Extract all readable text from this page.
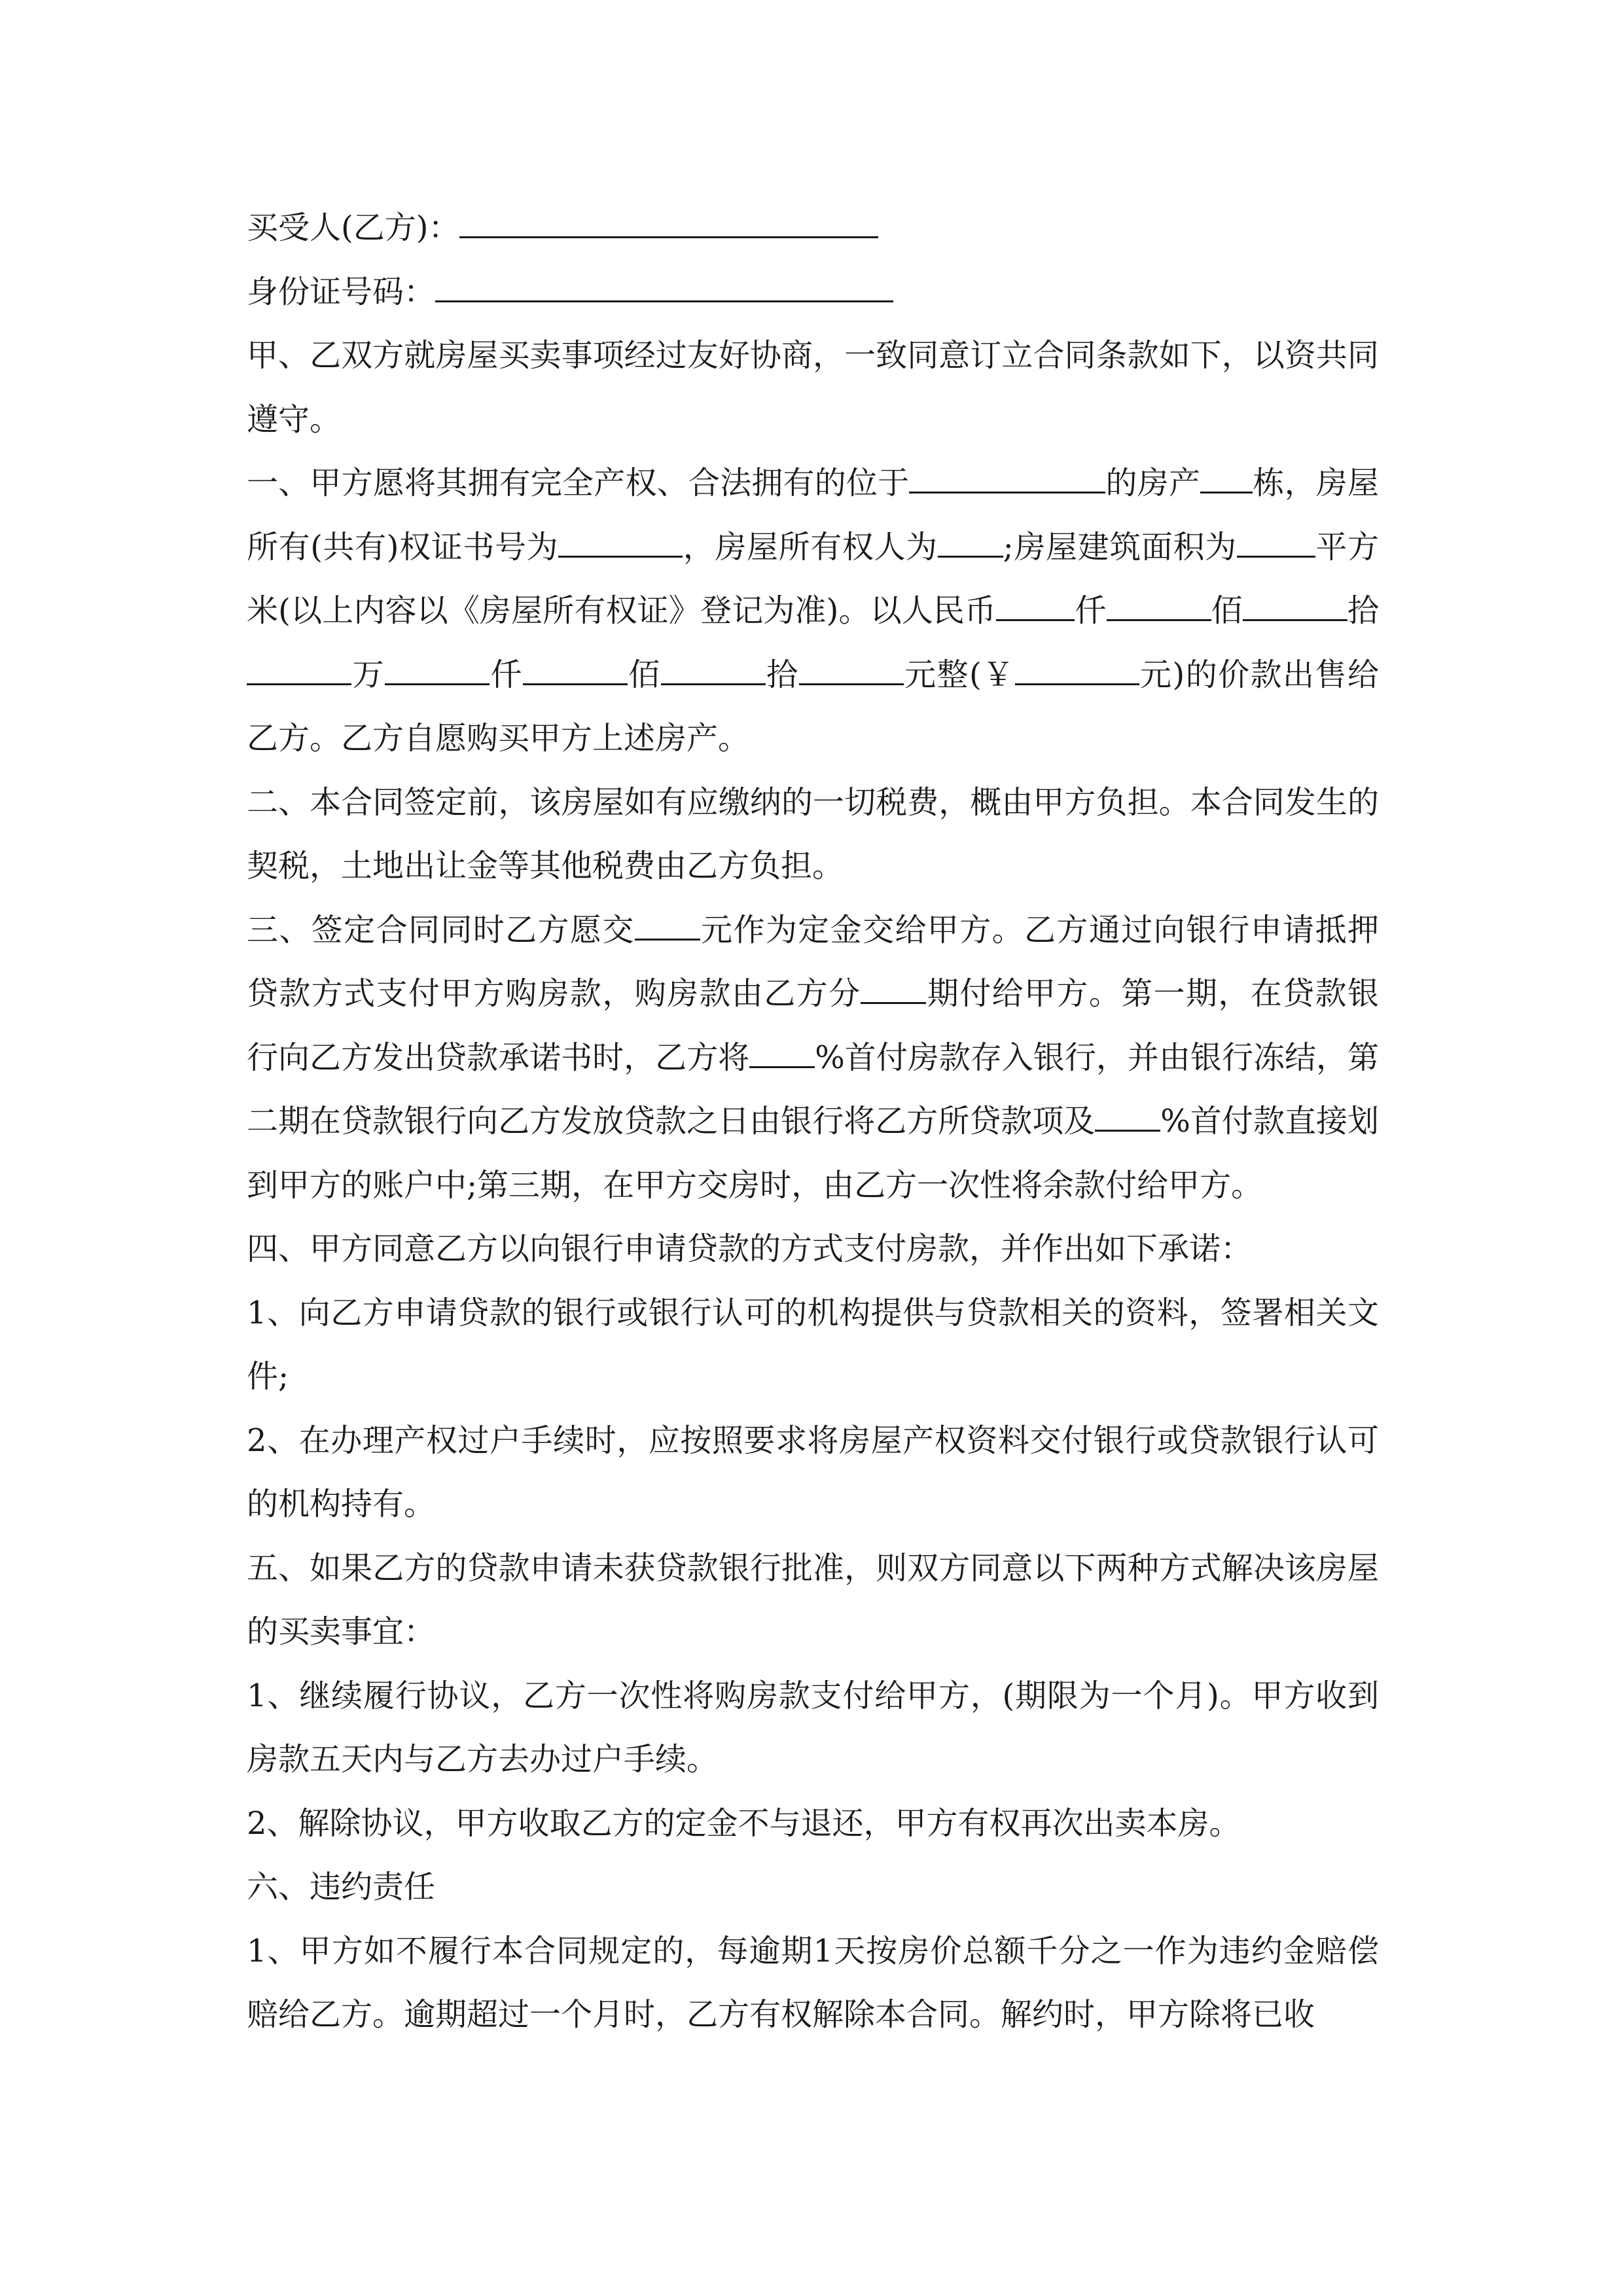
买受人(乙方)：

身份证号码：

甲、乙双方就房屋买卖事项经过友好协商，一致同意订立合同条款如下，以资共同遵守。

一、甲方愿将其拥有完全产权、合法拥有的位于	的房产 栋，房屋所有(共有)权证书号为	，房屋所有权人为 ;房屋建筑面积为	平方米(以上内容以《房屋所有权证》登记为准)。以人民币	仟	佰	拾万	仟	佰	拾	元整(￥	元)的价款出售给乙方。乙方自愿购买甲方上述房产。

二、本合同签定前，该房屋如有应缴纳的一切税费，概由甲方负担。本合同发生的契税，土地出让金等其他税费由乙方负担。

三、签定合同同时乙方愿交 元作为定金交给甲方。乙方通过向银行申请抵押贷款方式支付甲方购房款，购房款由乙方分 期付给甲方。第一期，在贷款银行向乙方发出贷款承诺书时，乙方将 %首付房款存入银行，并由银行冻结，第二期在贷款银行向乙方发放贷款之日由银行将乙方所贷款项及 %首付款直接划到甲方的账户中;第三期，在甲方交房时，由乙方一次性将余款付给甲方。

四、甲方同意乙方以向银行申请贷款的方式支付房款，并作出如下承诺：

1、向乙方申请贷款的银行或银行认可的机构提供与贷款相关的资料，签署相关文件;

2、在办理产权过户手续时，应按照要求将房屋产权资料交付银行或贷款银行认可的机构持有。

五、如果乙方的贷款申请未获贷款银行批准，则双方同意以下两种方式解决该房屋的买卖事宜：

1、继续履行协议，乙方一次性将购房款支付给甲方，(期限为一个月)。甲方收到房款五天内与乙方去办过户手续。

2、解除协议，甲方收取乙方的定金不与退还，甲方有权再次出卖本房。

六、违约责任

1、甲方如不履行本合同规定的，每逾期1天按房价总额千分之一作为违约金赔偿赔给乙方。逾期超过一个月时，乙方有权解除本合同。解约时，甲方除将已收
